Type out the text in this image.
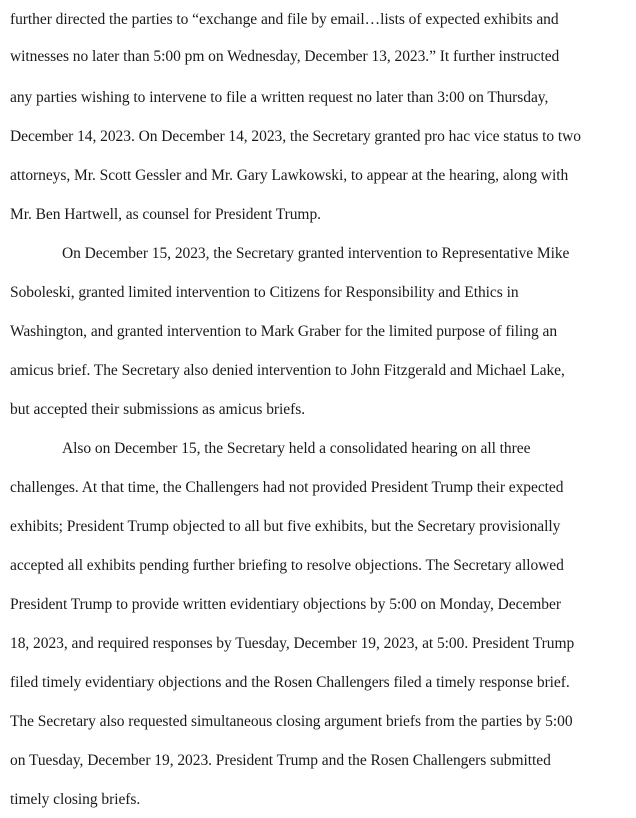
further directed the parties to “exchange and file by email…lists of expected exhibits and
witnesses no later than 5:00 pm on Wednesday, December 13, 2023.” It further instructed
any parties wishing to intervene to file a written request no later than 3:00 on Thursday,
December 14, 2023. On December 14, 2023, the Secretary granted pro hac vice status to two
attorneys, Mr. Scott Gessler and Mr. Gary Lawkowski, to appear at the hearing, along with
Mr. Ben Hartwell, as counsel for President Trump.
On December 15, 2023, the Secretary granted intervention to Representative Mike
Soboleski, granted limited intervention to Citizens for Responsibility and Ethics in
Washington, and granted intervention to Mark Graber for the limited purpose of filing an
amicus brief. The Secretary also denied intervention to John Fitzgerald and Michael Lake,
but accepted their submissions as amicus briefs.
Also on December 15, the Secretary held a consolidated hearing on all three
challenges. At that time, the Challengers had not provided President Trump their expected
exhibits; President Trump objected to all but five exhibits, but the Secretary provisionally
accepted all exhibits pending further briefing to resolve objections. The Secretary allowed
President Trump to provide written evidentiary objections by 5:00 on Monday, December
18, 2023, and required responses by Tuesday, December 19, 2023, at 5:00. President Trump
filed timely evidentiary objections and the Rosen Challengers filed a timely response brief.
The Secretary also requested simultaneous closing argument briefs from the parties by 5:00
on Tuesday, December 19, 2023. President Trump and the Rosen Challengers submitted
timely closing briefs.
